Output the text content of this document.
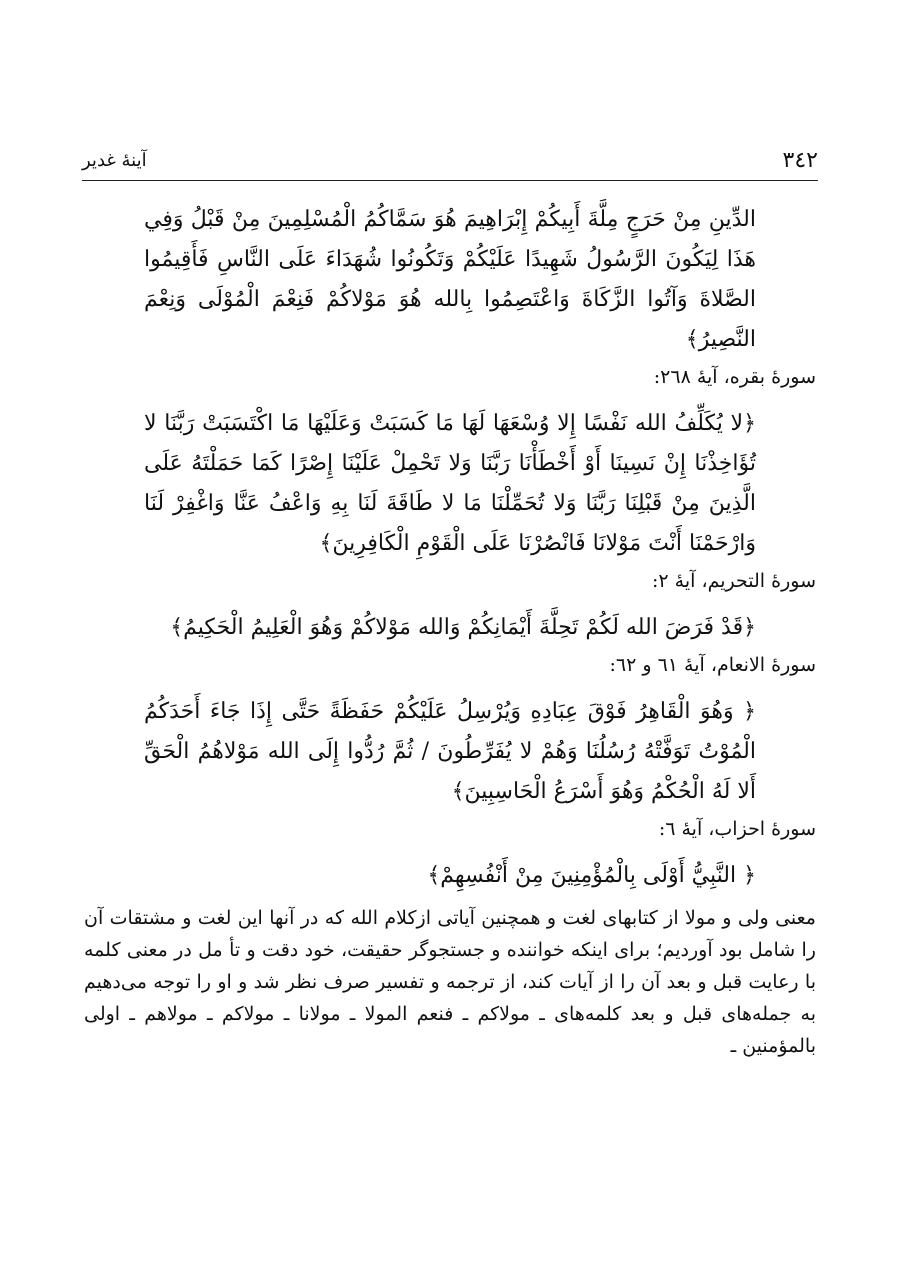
۳٤۲
آینهٔ غدیر

الدِّينِ مِنْ حَرَجٍ مِلَّةَ أَبِيكُمْ إِبْرَاهِيمَ هُوَ سَمَّاكُمُ الْمُسْلِمِينَ مِنْ قَبْلُ وَفِي هَذَا لِيَكُونَ الرَّسُولُ شَهِيدًا عَلَيْكُمْ وَتَكُونُوا شُهَدَاءَ عَلَى النَّاسِ فَأَقِيمُوا الصَّلاةَ وَآتُوا الزَّكَاةَ وَاعْتَصِمُوا بِالله هُوَ مَوْلاكُمْ فَنِعْمَ الْمُوْلَى وَنِعْمَ النَّصِيرُ﴾

سورهٔ بقره، آیهٔ ۲٦۸:

﴿لا يُكَلِّفُ الله نَفْسًا إِلا وُسْعَهَا لَهَا مَا كَسَبَتْ وَعَلَيْهَا مَا اكْتَسَبَتْ رَبَّنَا لا تُؤَاخِذْنَا إِنْ نَسِينَا أَوْ أَخْطَأْنَا رَبَّنَا وَلا تَحْمِلْ عَلَيْنَا إِصْرًا كَمَا حَمَلْتَهُ عَلَى الَّذِينَ مِنْ قَبْلِنَا رَبَّنَا وَلا تُحَمِّلْنَا مَا لا طَاقَةَ لَنَا بِهِ وَاعْفُ عَنَّا وَاغْفِرْ لَنَا وَارْحَمْنَا أَنْتَ مَوْلانَا فَانْصُرْنَا عَلَى الْقَوْمِ الْكَافِرِينَ﴾

سورهٔ التحریم، آیهٔ ۲:

﴿قَدْ فَرَضَ الله لَكُمْ تَحِلَّةَ أَيْمَانِكُمْ وَالله مَوْلاكُمْ وَهُوَ الْعَلِيمُ الْحَكِيمُ﴾

سورهٔ الانعام، آیهٔ ٦۱ و ٦۲:

﴿ وَهُوَ الْقَاهِرُ فَوْقَ عِبَادِهِ وَيُرْسِلُ عَلَيْكُمْ حَفَظَةً حَتَّى إِذَا جَاءَ أَحَدَكُمُ الْمُوْتُ تَوَفَّتْهُ رُسُلُنَا وَهُمْ لا يُفَرِّطُونَ / ثُمَّ رُدُّوا إِلَى الله مَوْلاهُمُ الْحَقِّ أَلا لَهُ الْحُكْمُ وَهُوَ أَسْرَعُ الْحَاسِبِينَ﴾

سورهٔ احزاب، آیهٔ ٦:

﴿ النَّبِيُّ أَوْلَى بِالْمُؤْمِنِينَ مِنْ أَنْفُسِهِمْ﴾

معنی ولی و مولا از کتابهای لغت و همچنین آیاتی ازکلام الله که در آنها این لغت و مشتقات آن را شامل بود آوردیم؛ برای اینکه خواننده و جستجوگر حقیقت، خود دقت و تأ مل در معنی کلمه با رعایت قبل و بعد آن را از آیات کند، از ترجمه و تفسیر صرف نظر شد و او را توجه می‌دهیم به جمله‌های قبل و بعد کلمه‌های ـ مولاکم ـ فنعم المولا ـ مولانا ـ مولاکم ـ مولاهم ـ اولی بالمؤمنین ـ
